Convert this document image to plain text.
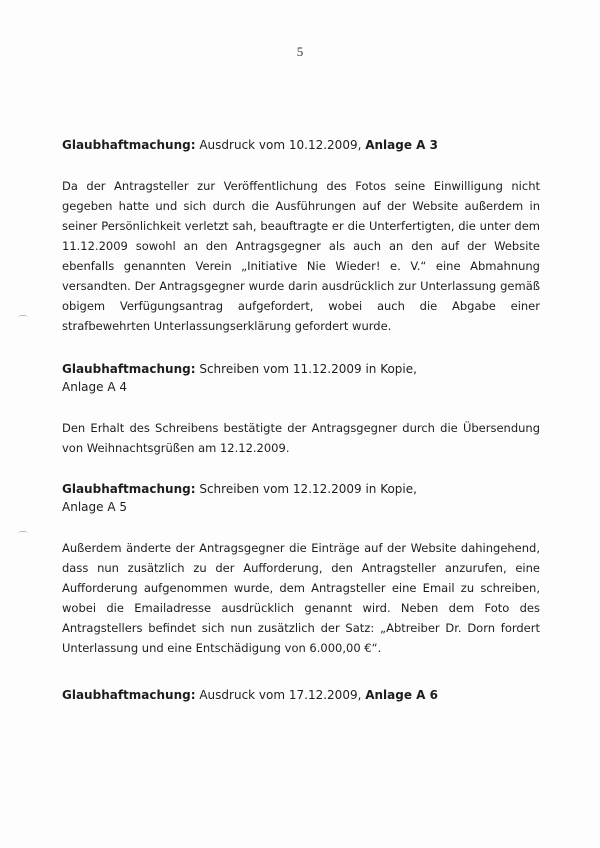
5
⌒
⌒

Glaubhaftmachung: Ausdruck vom 10.12.2009, Anlage A 3

Da der Antragsteller zur Veröffentlichung des Fotos seine Einwilligung nicht gegeben hatte und sich durch die Ausführungen auf der Website außerdem in seiner Persönlichkeit verletzt sah, beauftragte er die Unterfertigten, die unter dem 11.12.2009 sowohl an den Antragsgegner als auch an den auf der Website ebenfalls genannten Verein „Initiative Nie Wieder! e. V.“ eine Abmahnung versandten. Der Antragsgegner wurde darin ausdrücklich zur Unterlassung gemäß obigem Verfügungsantrag aufgefordert, wobei auch die Abgabe einer strafbewehrten Unterlassungserklärung gefordert wurde.

Glaubhaftmachung: Schreiben vom 11.12.2009 in Kopie,

Anlage A 4

Den Erhalt des Schreibens bestätigte der Antragsgegner durch die Übersendung von Weihnachtsgrüßen am 12.12.2009.

Glaubhaftmachung: Schreiben vom 12.12.2009 in Kopie,

Anlage A 5

Außerdem änderte der Antragsgegner die Einträge auf der Website dahingehend, dass nun zusätzlich zu der Aufforderung, den Antragsteller anzurufen, eine Aufforderung aufgenommen wurde, dem Antragsteller eine Email zu schreiben, wobei die Emailadresse ausdrücklich genannt wird. Neben dem Foto des Antragstellers befindet sich nun zusätzlich der Satz: „Abtreiber Dr. Dorn fordert Unterlassung und eine Entschädigung von 6.000,00 €“.

Glaubhaftmachung: Ausdruck vom 17.12.2009, Anlage A 6
